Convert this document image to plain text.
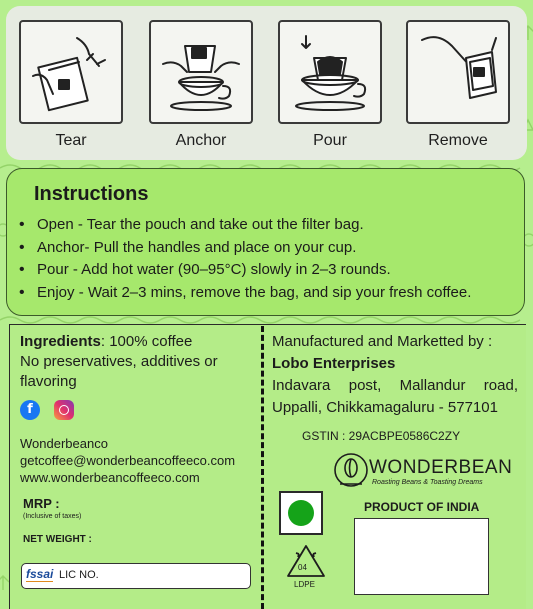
Tear	Anchor	Pour	Remove
Instructions
• Open - Tear the pouch and take out the filter bag.
• Anchor- Pull the handles and place on your cup.
• Pour - Add hot water (90–95°C) slowly in 2–3 rounds.
• Enjoy - Wait 2–3 mins, remove the bag, and sip your fresh coffee.
Ingredients: 100% coffee
No preservatives, additives or
flavoring
f
Wonderbeanco
getcoffee@wonderbeancoffeeco.com
www.wonderbeancoffeeco.com
MRP :
(Inclusive of taxes)
NET WEIGHT :
fssai LIC NO.
Manufactured and Marketted by :
Lobo Enterprises
Indavara post, Mallandur road,
Uppalli, Chikkamagaluru - 577101
GSTIN : 29ACBPE0586C2ZY
WONDERBEAN
Roasting Beans & Toasting Dreams
04
LDPE
PRODUCT OF INDIA
